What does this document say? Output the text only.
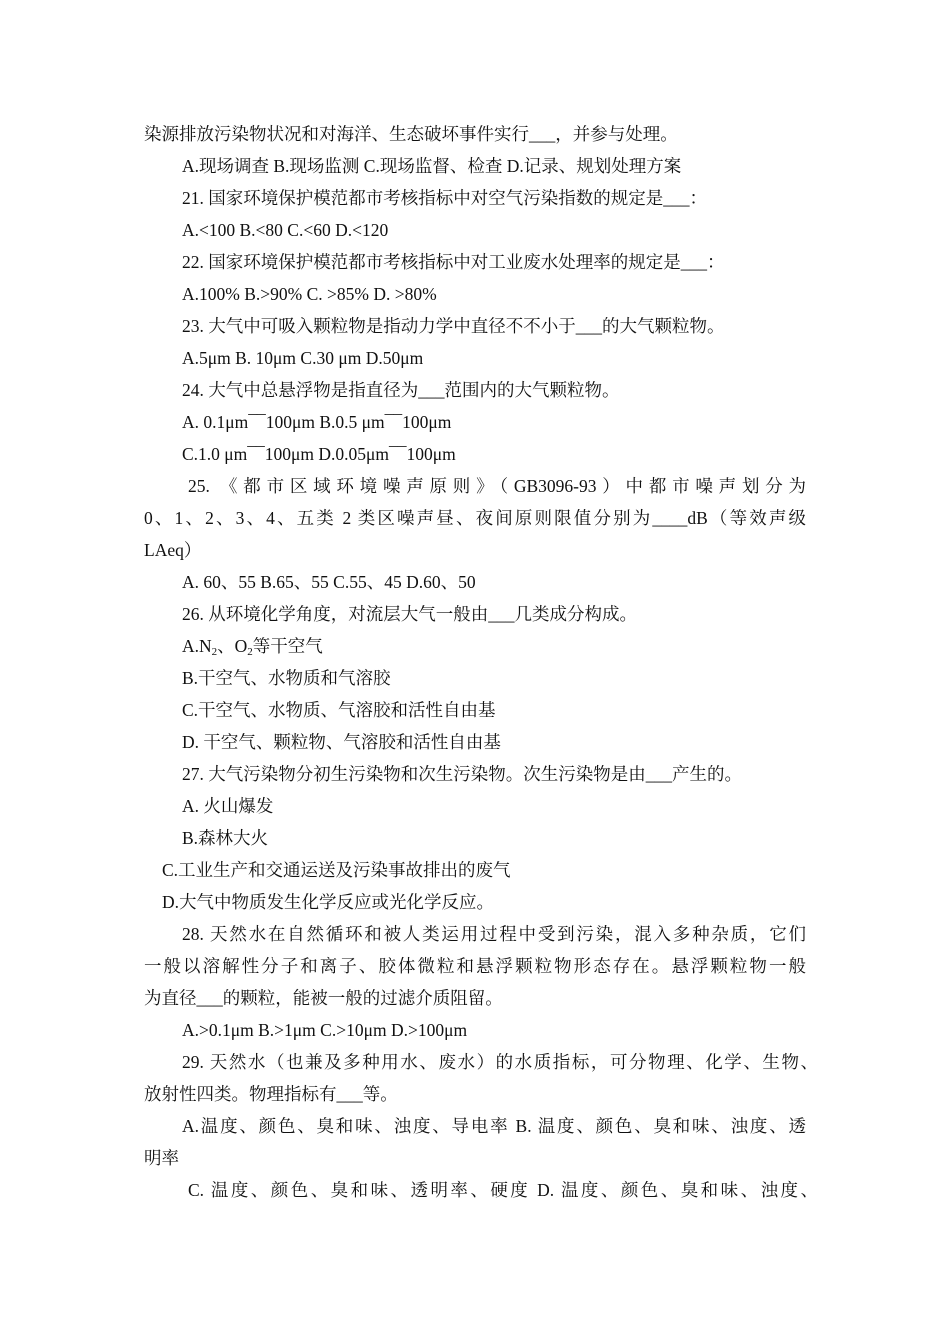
染源排放污染物状况和对海洋、生态破坏事件实行___，并参与处理。
A.现场调查 B.现场监测 C.现场监督、检查 D.记录、规划处理方案
21. 国家环境保护模范都市考核指标中对空气污染指数的规定是___：
A.<100 B.<80 C.<60 D.<120
22. 国家环境保护模范都市考核指标中对工业废水处理率的规定是___：
A.100% B.>90% C. >85% D. >80%
23. 大气中可吸入颗粒物是指动力学中直径不不小于___的大气颗粒物。
A.5μm B. 10μm C.30 μm D.50μm
24. 大气中总悬浮物是指直径为___范围内的大气颗粒物。
A. 0.1μm¯¯100μm B.0.5 μm¯¯100μm
C.1.0 μm¯¯100μm D.0.05μm¯¯100μm
25. 《都市区域环境噪声原则》（GB3096-93）中都市噪声划分为
0、1、2、3、4、五类 2 类区噪声昼、夜间原则限值分别为____dB（等效声级
LAeq）
A. 60、55 B.65、55 C.55、45 D.60、50
26. 从环境化学角度，对流层大气一般由___几类成分构成。
$A.N_2$、$O_2$等干空气
B.干空气、水物质和气溶胶
C.干空气、水物质、气溶胶和活性自由基
D. 干空气、颗粒物、气溶胶和活性自由基
27. 大气污染物分初生污染物和次生污染物。次生污染物是由___产生的。
A. 火山爆发
B.森林大火
C.工业生产和交通运送及污染事故排出的废气
D.大气中物质发生化学反应或光化学反应。
28. 天然水在自然循环和被人类运用过程中受到污染，混入多种杂质，它们
一般以溶解性分子和离子、胶体微粒和悬浮颗粒物形态存在。悬浮颗粒物一般
为直径___的颗粒，能被一般的过滤介质阻留。
A.>0.1μm B.>1μm C.>10μm D.>100μm
29. 天然水（也兼及多种用水、废水）的水质指标，可分物理、化学、生物、
放射性四类。物理指标有___等。
A.温度、颜色、臭和味、浊度、导电率 B. 温度、颜色、臭和味、浊度、透
明率
C. 温度、颜色、臭和味、透明率、硬度 D. 温度、颜色、臭和味、浊度、
